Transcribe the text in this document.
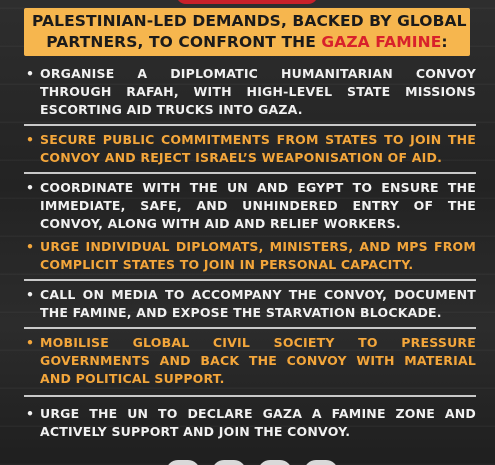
PALESTINIAN-LED DEMANDS, BACKED BY GLOBAL
PARTNERS, TO CONFRONT THE GAZA FAMINE:
• ORGANISE A DIPLOMATIC HUMANITARIAN CONVOY
THROUGH RAFAH, WITH HIGH-LEVEL STATE MISSIONS
ESCORTING AID TRUCKS INTO GAZA.
• SECURE PUBLIC COMMITMENTS FROM STATES TO JOIN THE
CONVOY AND REJECT ISRAEL’S WEAPONISATION OF AID.
• COORDINATE WITH THE UN AND EGYPT TO ENSURE THE
IMMEDIATE, SAFE, AND UNHINDERED ENTRY OF THE
CONVOY, ALONG WITH AID AND RELIEF WORKERS.
• URGE INDIVIDUAL DIPLOMATS, MINISTERS, AND MPS FROM
COMPLICIT STATES TO JOIN IN PERSONAL CAPACITY.
• CALL ON MEDIA TO ACCOMPANY THE CONVOY, DOCUMENT
THE FAMINE, AND EXPOSE THE STARVATION BLOCKADE.
• MOBILISE GLOBAL CIVIL SOCIETY TO PRESSURE
GOVERNMENTS AND BACK THE CONVOY WITH MATERIAL
AND POLITICAL SUPPORT.
• URGE THE UN TO DECLARE GAZA A FAMINE ZONE AND
ACTIVELY SUPPORT AND JOIN THE CONVOY.
